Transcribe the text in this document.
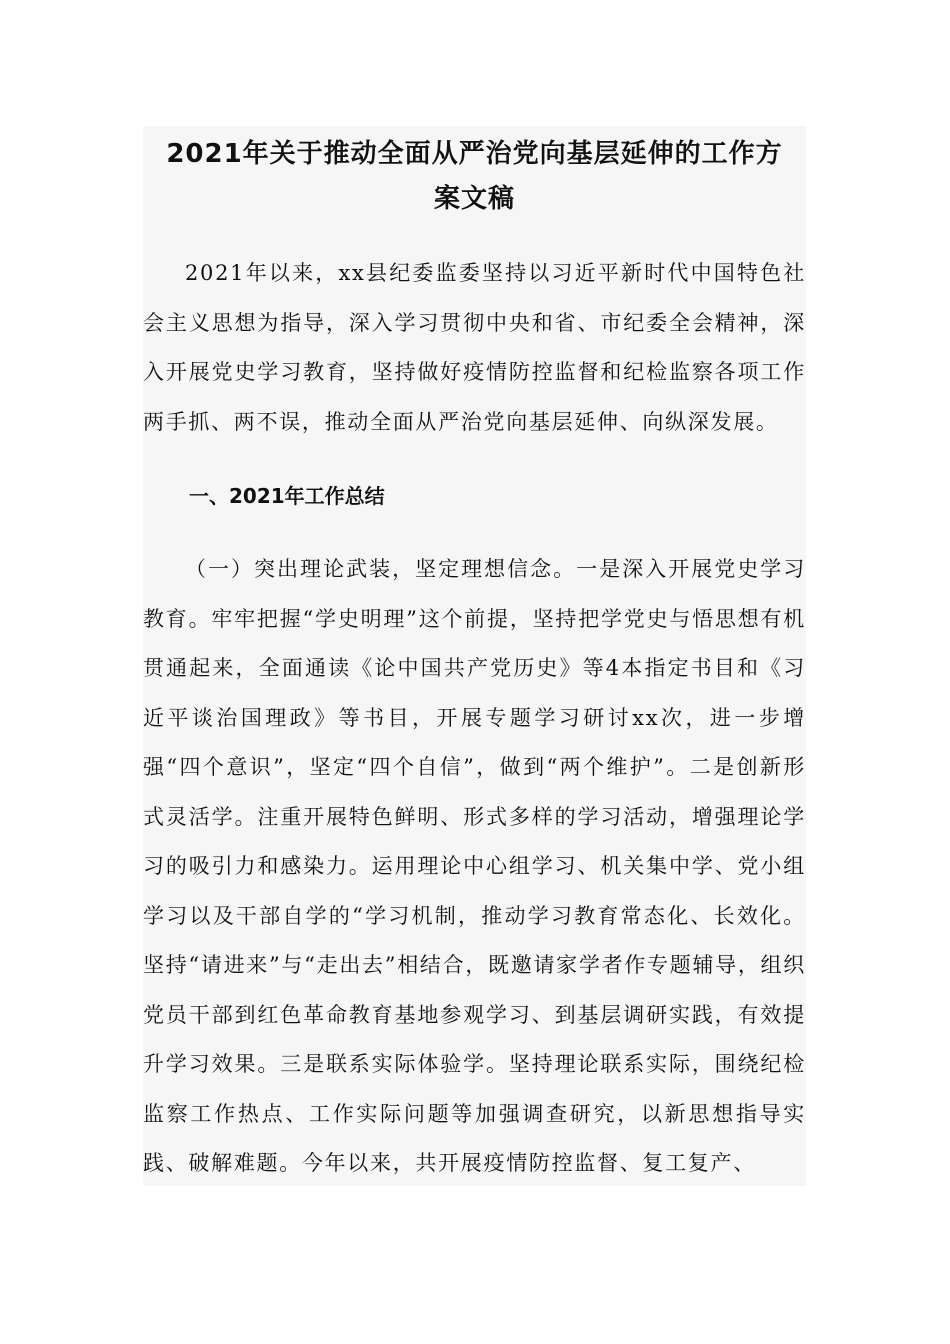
2021年关于推动全面从严治党向基层延伸的工作方
案文稿

2021年以来，xx县纪委监委坚持以习近平新时代中国特色社会主义思想为指导，深入学习贯彻中央和省、市纪委全会精神，深入开展党史学习教育，坚持做好疫情防控监督和纪检监察各项工作两手抓、两不误，推动全面从严治党向基层延伸、向纵深发展。

一、2021年工作总结

（一）突出理论武装，坚定理想信念。一是深入开展党史学习教育。牢牢把握“学史明理”这个前提，坚持把学党史与悟思想有机贯通起来，全面通读《论中国共产党历史》等4本指定书目和《习近平谈治国理政》等书目，开展专题学习研讨xx次，进一步增强“四个意识”，坚定“四个自信”，做到“两个维护”。二是创新形式灵活学。注重开展特色鲜明、形式多样的学习活动，增强理论学习的吸引力和感染力。运用理论中心组学习、机关集中学、党小组学习以及干部自学的“学习机制，推动学习教育常态化、长效化。坚持“请进来”与“走出去”相结合，既邀请家学者作专题辅导，组织党员干部到红色革命教育基地参观学习、到基层调研实践，有效提升学习效果。三是联系实际体验学。坚持理论联系实际，围绕纪检监察工作热点、工作实际问题等加强调查研究，以新思想指导实践、破解难题。今年以来，共开展疫情防控监督、复工复产、
